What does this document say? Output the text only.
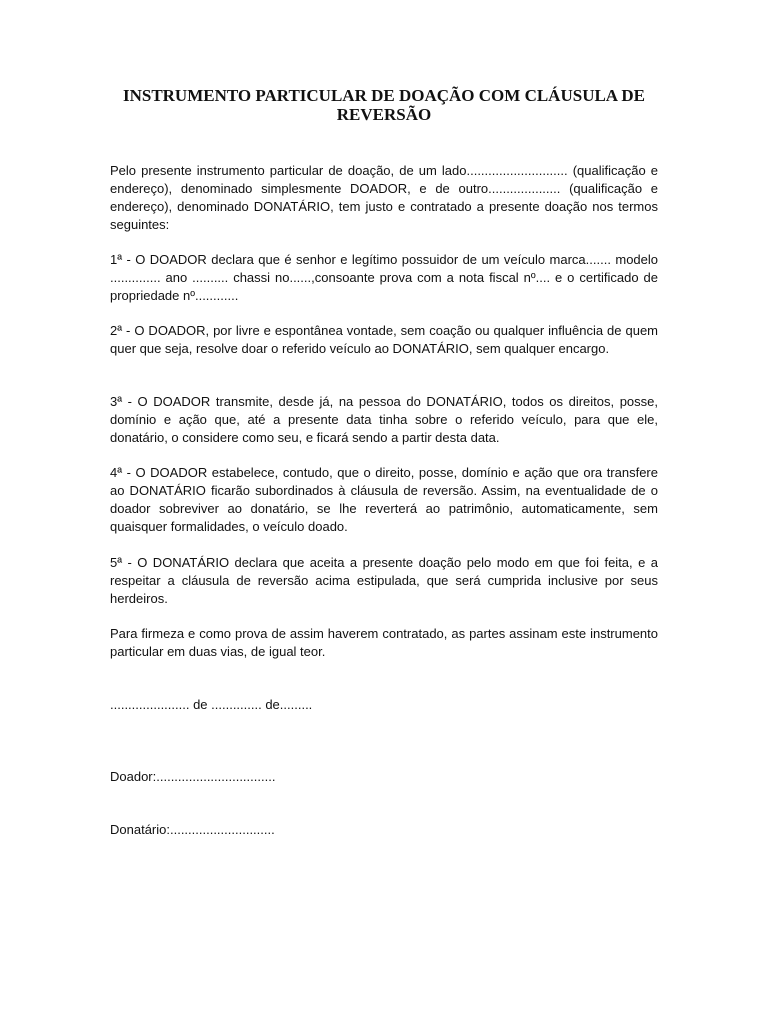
INSTRUMENTO PARTICULAR DE DOAÇÃO COM CLÁUSULA DE REVERSÃO

Pelo presente instrumento particular de doação, de um lado............................ (qualificação e endereço), denominado simplesmente DOADOR, e de outro.................... (qualificação e endereço), denominado DONATÁRIO, tem justo e contratado a presente doação nos termos seguintes:

1ª - O DOADOR declara que é senhor e legítimo possuidor de um veículo marca....... modelo .............. ano .......... chassi no......,consoante prova com a nota fiscal nº.... e o certificado de propriedade nº............

2ª - O DOADOR, por livre e espontânea vontade, sem coação ou qualquer influência de quem quer que seja, resolve doar o referido veículo ao DONATÁRIO, sem qualquer encargo.

3ª - O DOADOR transmite, desde já, na pessoa do DONATÁRIO, todos os direitos, posse, domínio e ação que, até a presente data tinha sobre o referido veículo, para que ele, donatário, o considere como seu, e ficará sendo a partir desta data.

4ª - O DOADOR estabelece, contudo, que o direito, posse, domínio e ação que ora transfere ao DONATÁRIO ficarão subordinados à cláusula de reversão. Assim, na eventualidade de o doador sobreviver ao donatário, se lhe reverterá ao patrimônio, automaticamente, sem quaisquer formalidades, o veículo doado.

5ª - O DONATÁRIO declara que aceita a presente doação pelo modo em que foi feita, e a respeitar a cláusula de reversão acima estipulada, que será cumprida inclusive por seus herdeiros.

Para firmeza e como prova de assim haverem contratado, as partes assinam este instrumento particular em duas vias, de igual teor.

...................... de .............. de.........

Doador:.................................

Donatário:.............................
